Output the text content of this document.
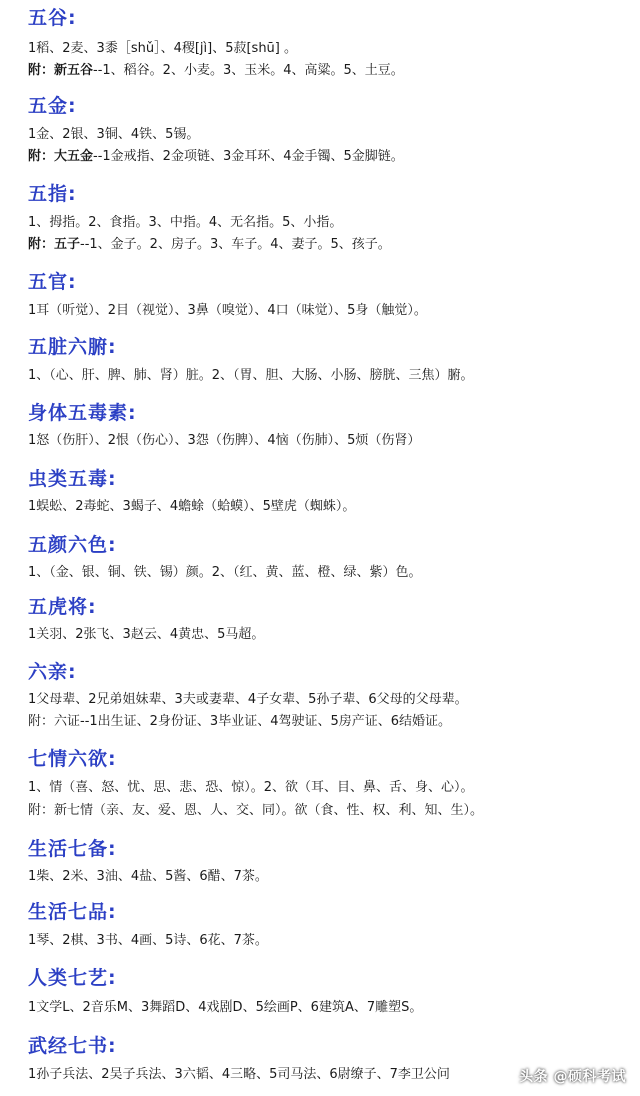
五谷:
1稻、2麦、3黍［shǔ］、4稷[jì]、5菽[shū] 。
附：新五谷--1、稻谷。2、小麦。3、玉米。4、高粱。5、土豆。
五金:
1金、2银、3铜、4铁、5锡。
附：大五金--1金戒指、2金项链、3金耳环、4金手镯、5金脚链。
五指:
1、拇指。2、食指。3、中指。4、无名指。5、小指。
附：五子--1、金子。2、房子。3、车子。4、妻子。5、孩子。
五官:
1耳（听觉）、2目（视觉）、3鼻（嗅觉）、4口（味觉）、5身（触觉）。
五脏六腑:
1、（心、肝、脾、肺、肾）脏。2、（胃、胆、大肠、小肠、膀胱、三焦）腑。
身体五毒素:
1怒（伤肝）、2恨（伤心）、3怨（伤脾）、4恼（伤肺）、5烦（伤肾）
虫类五毒:
1蜈蚣、2毒蛇、3蝎子、4蟾蜍（蛤蟆）、5壁虎（蜘蛛）。
五颜六色:
1、（金、银、铜、铁、锡）颜。2、（红、黄、蓝、橙、绿、紫）色。
五虎将:
1关羽、2张飞、3赵云、4黄忠、5马超。
六亲:
1父母辈、2兄弟姐妹辈、3夫或妻辈、4子女辈、5孙子辈、6父母的父母辈。
附：六证--1出生证、2身份证、3毕业证、4驾驶证、5房产证、6结婚证。
七情六欲:
1、情（喜、怒、忧、思、悲、恐、惊）。2、欲（耳、目、鼻、舌、身、心）。
附：新七情（亲、友、爱、恩、人、交、同）。欲（食、性、权、利、知、生）。
生活七备:
1柴、2米、3油、4盐、5酱、6醋、7茶。
生活七品:
1琴、2棋、3书、4画、5诗、6花、7茶。
人类七艺:
1文学L、2音乐M、3舞蹈D、4戏剧D、5绘画P、6建筑A、7雕塑S。
武经七书:
1孙子兵法、2吴子兵法、3六韬、4三略、5司马法、6尉缭子、7李卫公问	头条 @硕科考试
